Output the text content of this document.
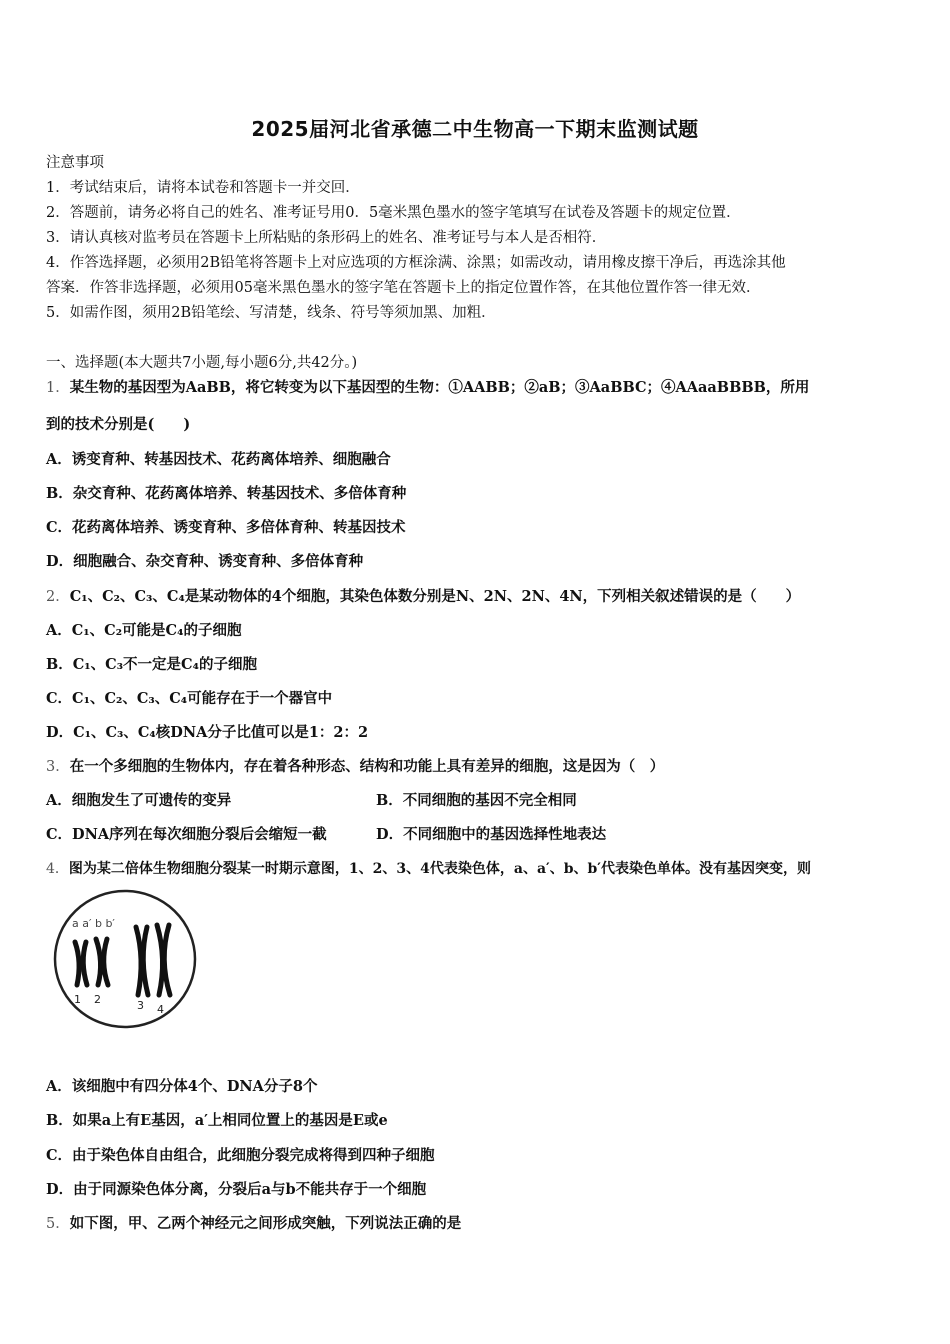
2025届河北省承德二中生物高一下期末监测试题
注意事项
1．考试结束后，请将本试卷和答题卡一并交回．
2．答题前，请务必将自己的姓名、准考证号用0．5毫米黑色墨水的签字笔填写在试卷及答题卡的规定位置．
3．请认真核对监考员在答题卡上所粘贴的条形码上的姓名、准考证号与本人是否相符．
4．作答选择题，必须用2B铅笔将答题卡上对应选项的方框涂满、涂黑；如需改动，请用橡皮擦干净后，再选涂其他
答案．作答非选择题，必须用05毫米黑色墨水的签字笔在答题卡上的指定位置作答，在其他位置作答一律无效．
5．如需作图，须用2B铅笔绘、写清楚，线条、符号等须加黑、加粗．
一、选择题(本大题共7小题,每小题6分,共42分。)
1．某生物的基因型为AaBB，将它转变为以下基因型的生物：①AABB；②aB；③AaBBC；④AAaaBBBB，所用
到的技术分别是(　　)
A．诱变育种、转基因技术、花药离体培养、细胞融合
B．杂交育种、花药离体培养、转基因技术、多倍体育种
C．花药离体培养、诱变育种、多倍体育种、转基因技术
D．细胞融合、杂交育种、诱变育种、多倍体育种
2．C₁、C₂、C₃、C₄是某动物体的4个细胞，其染色体数分别是N、2N、2N、4N，下列相关叙述错误的是（　　）
A．C₁、C₂可能是C₄的子细胞
B．C₁、C₃不一定是C₄的子细胞
C．C₁、C₂、C₃、C₄可能存在于一个器官中
D．C₁、C₃、C₄核DNA分子比值可以是1：2：2
3．在一个多细胞的生物体内，存在着各种形态、结构和功能上具有差异的细胞，这是因为（　）
A．细胞发生了可遗传的变异	B．不同细胞的基因不完全相同
C．DNA序列在每次细胞分裂后会缩短一截	D．不同细胞中的基因选择性地表达
4．图为某二倍体生物细胞分裂某一时期示意图，1、2、3、4代表染色体，a、a′、b、b′代表染色单体。没有基因突变，则
a a′ b b′
1 2	3 4
A．该细胞中有四分体4个、DNA分子8个
B．如果a上有E基因，a′上相同位置上的基因是E或e
C．由于染色体自由组合，此细胞分裂完成将得到四种子细胞
D．由于同源染色体分离，分裂后a与b不能共存于一个细胞
5．如下图，甲、乙两个神经元之间形成突触，下列说法正确的是
